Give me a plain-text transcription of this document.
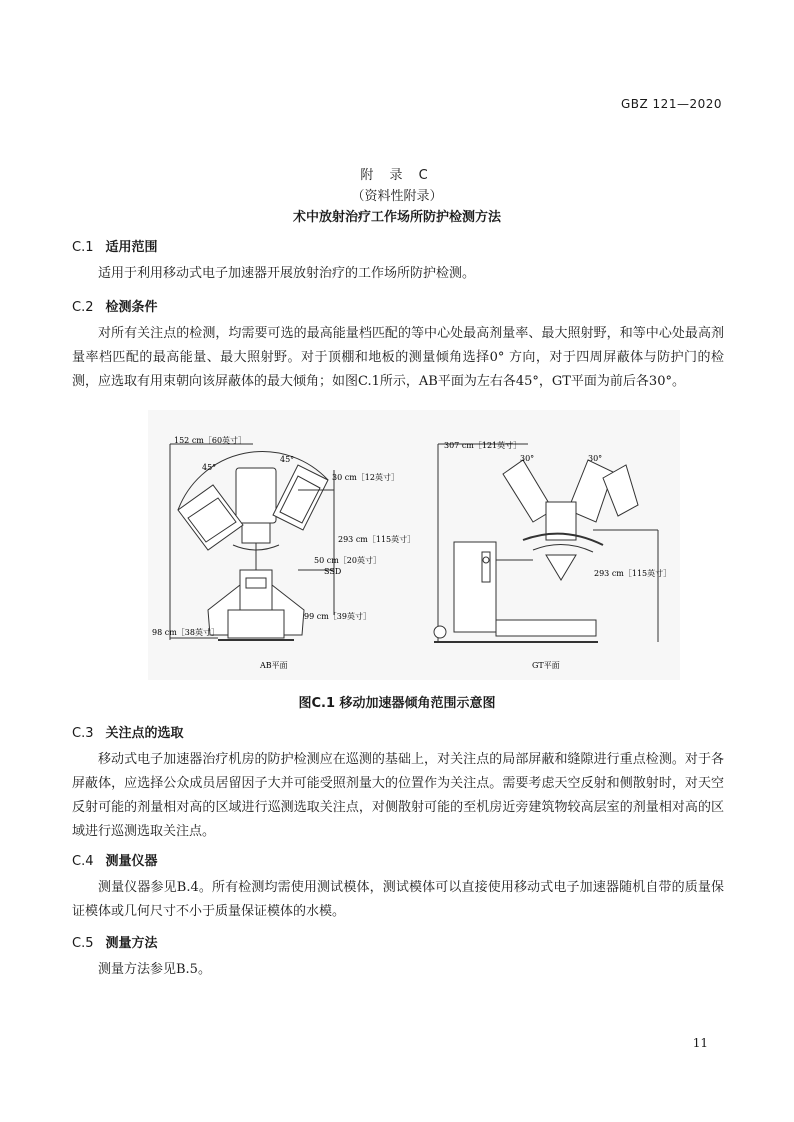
GBZ 121—2020
附 录 C
（资料性附录）
术中放射治疗工作场所防护检测方法
C.1 适用范围

适用于利用移动式电子加速器开展放射治疗的工作场所防护检测。

C.2 检测条件

对所有关注点的检测，均需要可选的最高能量档匹配的等中心处最高剂量率、最大照射野，和等中心处最高剂量率档匹配的最高能量、最大照射野。对于顶棚和地板的测量倾角选择0° 方向，对于四周屏蔽体与防护门的检测，应选取有用束朝向该屏蔽体的最大倾角；如图C.1所示，AB平面为左右各45°，GT平面为前后各30°。

152 cm［60英寸］
45°
45°
30 cm［12英寸］
293 cm［115英寸］
50 cm［20英寸］
SSD
99 cm［39英寸］
98 cm［38英寸］
AB平面
307 cm［121英寸］
30°	30°
293 cm［115英寸］
GT平面
图C.1 移动加速器倾角范围示意图
C.3 关注点的选取

移动式电子加速器治疗机房的防护检测应在巡测的基础上，对关注点的局部屏蔽和缝隙进行重点检测。对于各屏蔽体，应选择公众成员居留因子大并可能受照剂量大的位置作为关注点。需要考虑天空反射和侧散射时，对天空反射可能的剂量相对高的区域进行巡测选取关注点，对侧散射可能的至机房近旁建筑物较高层室的剂量相对高的区域进行巡测选取关注点。

C.4 测量仪器

测量仪器参见B.4。所有检测均需使用测试模体，测试模体可以直接使用移动式电子加速器随机自带的质量保证模体或几何尺寸不小于质量保证模体的水模。

C.5 测量方法

测量方法参见B.5。

11
